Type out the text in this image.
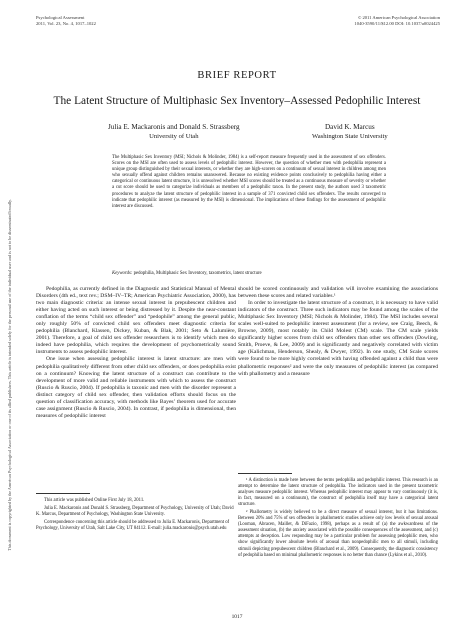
Psychological Assessment
2011, Vol. 23, No. 4, 1017–1022
© 2011 American Psychological Association
1040-3590/11/$12.00 DOI: 10.1037/a0024425
This document is copyrighted by the American Psychological Association or one of its allied publishers. This article is intended solely for the personal use of the individual user and is not to be disseminated broadly.
BRIEF REPORT
The Latent Structure of Multiphasic Sex Inventory–Assessed Pedophilic Interest
Julia E. Mackaronis and Donald S. Strassberg
University of Utah
David K. Marcus
Washington State University
The Multiphasic Sex Inventory (MSI; Nichols & Molinder, 1984) is a self-report measure frequently used in the assessment of sex offenders. Scores on the MSI are often used to assess levels of pedophilic interest. However, the question of whether men with pedophilia represent a unique group distinguished by their sexual interests, or whether they are high-scorers on a continuum of sexual interest in children among men who sexually offend against children remains unanswered. Because no existing evidence points conclusively to pedophilia having either a categorical or continuous latent structure, it is unresolved whether MSI scores should be treated as a continuous measure of severity or whether a cut score should be used to categorize individuals as members of a pedophilic taxon. In the present study, the authors used 3 taxometric procedures to analyze the latent structure of pedophilic interest in a sample of 371 convicted child sex offenders. The results converged to indicate that pedophilic interest (as measured by the MSI) is dimensional. The implications of these findings for the assessment of pedophilic interest are discussed.
Keywords: pedophilia, Multiphasic Sex Inventory, taxometrics, latent structure

Pedophilia, as currently defined in the Diagnostic and Statistical Manual of Mental Disorders (4th ed., text rev.; DSM–IV–TR; American Psychiatric Association, 2000), has two main diagnostic criteria: an intense sexual interest in prepubescent children and either having acted on such interest or being distressed by it. Despite the near-constant conflation of the terms “child sex offender” and “pedophile” among the general public, only roughly 50% of convicted child sex offenders meet diagnostic criteria for pedophilia (Blanchard, Klassen, Dickey, Kuban, & Blak, 2001; Seto & Lalumière, 2001). Therefore, a goal of child sex offender researchers is to identify which men do indeed have pedophilia, which requires the development of psychometrically sound instruments to assess pedophilic interest.

One issue when assessing pedophilic interest is latent structure: are men with pedophilia qualitatively different from other child sex offenders, or does pedophilia exist on a continuum? Knowing the latent structure of a construct can contribute to the development of more valid and reliable instruments with which to assess the construct (Ruscio & Ruscio, 2004). If pedophilia is taxonic and men with the disorder represent a distinct category of child sex offender, then validation efforts should focus on the question of classification accuracy, with methods like Bayes’ theorem used for accurate case assignment (Ruscio & Ruscio, 2004). In contrast, if pedophilia is dimensional, then measures of pedophilic interest

should be scored continuously and validation will involve examining the associations between these scores and related variables.¹

In order to investigate the latent structure of a construct, it is necessary to have valid indicators of the construct. Three such indicators may be found among the scales of the Multiphasic Sex Inventory (MSI; Nichols & Molinder, 1984). The MSI includes several scales well-suited to pedophilic interest assessment (for a review, see Craig, Beech, & Browne, 2009), most notably its Child Molest (CM) scale. The CM scale yields significantly higher scores from child sex offenders than other sex offenders (Dowling, Smith, Proeve, & Lee, 2009) and is significantly and negatively correlated with victim age (Kalichman, Henderson, Shealy, & Dwyer, 1992). In one study, CM Scale scores were found to be more highly correlated with having offended against a child than were phallometric responses² and were the only measures of pedophilic interest (as compared with phallometry and a measure

This article was published Online First July 18, 2011.

Julia E. Mackaronis and Donald S. Strassberg, Department of Psychology, University of Utah; David K. Marcus, Department of Psychology, Washington State University.

Correspondence concerning this article should be addressed to Julia E. Mackaronis, Department of Psychology, University of Utah, Salt Lake City, UT 84112. E-mail: julia.mackaronis@psych.utah.edu

¹ A distinction is made here between the terms pedophilia and pedophilic interest. This research is an attempt to determine the latent structure of pedophilia. The indicators used in the present taxometric analyses measure pedophilic interest. Whereas pedophilic interest may appear to vary continuously (it is, in fact, measured on a continuum), the construct of pedophilia itself may have a categorical latent structure.

² Phallometry is widely believed to be a direct measure of sexual interest, but it has limitations. Between 20% and 75% of sex offenders in phallometric studies achieve only low levels of sexual arousal (Looman, Abracen, Maillet, & DiFazio, 1998), perhaps as a result of (a) the awkwardness of the assessment situation, (b) the anxiety associated with the possible consequences of the assessment, and (c) attempts at deception. Low responding may be a particular problem for assessing pedophilic men, who show significantly lower absolute levels of arousal than nonpedophilic men to all stimuli, including stimuli depicting prepubescent children (Blanchard et al., 2009). Consequently, the diagnostic consistency of pedophilia based on minimal phallometric responses is no better than chance (Lykins et al., 2010).

1017
